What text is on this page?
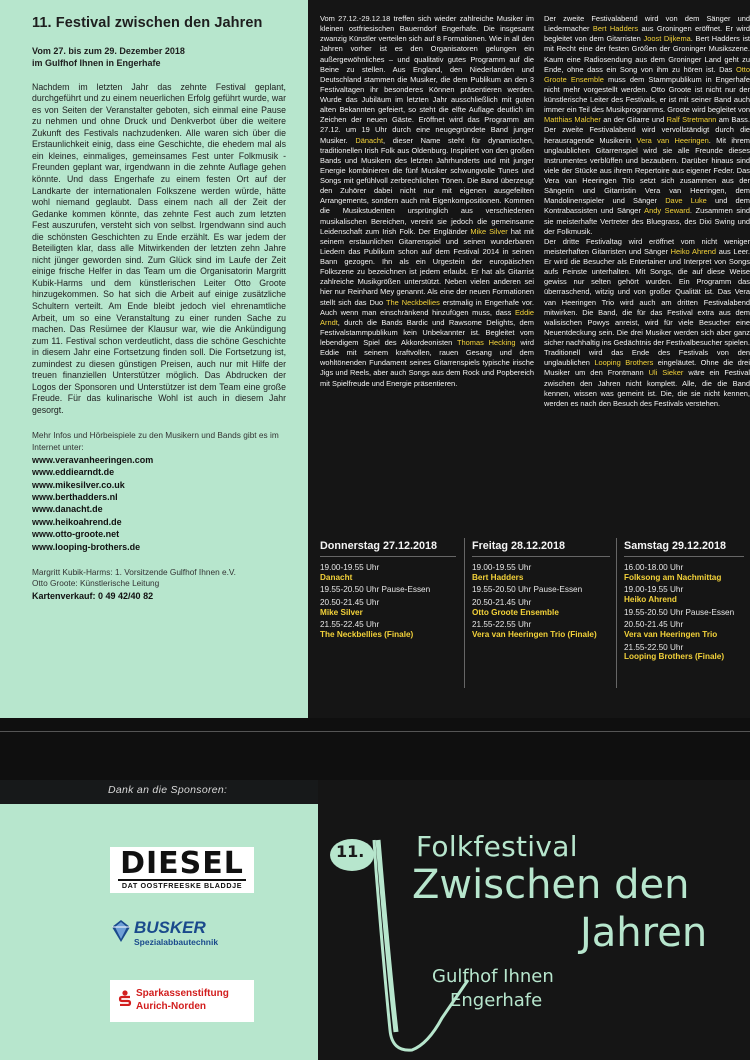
11. Festival zwischen den Jahren
Vom 27. bis zum 29. Dezember 2018
im Gulfhof Ihnen in Engerhafe

Nachdem im letzten Jahr das zehnte Festival geplant, durchgeführt und zu einem neuerlichen Erfolg geführt wurde, war es von Seiten der Veranstalter geboten, sich einmal eine Pause zu nehmen und ohne Druck und Denkverbot über die weitere Zukunft des Festivals nachzudenken. Alle waren sich über die Erstaunlichkeit einig, dass eine Geschichte, die ehedem mal als ein kleines, einmaliges, gemeinsames Fest unter Folkmusik - Freunden geplant war, irgendwann in die zehnte Auflage gehen könnte. Und dass Engerhafe zu einem festen Ort auf der Landkarte der internationalen Folkszene werden würde, hätte wohl niemand geglaubt. Dass einem nach all der Zeit der Gedanke kommen könnte, das zehnte Fest auch zum letzten Fest auszurufen, versteht sich von selbst. Irgendwann sind auch die schönsten Geschichten zu Ende erzählt. Es war jedem der Beteiligten klar, dass alle Mitwirkenden der letzten zehn Jahre nicht jünger geworden sind. Zum Glück sind im Laufe der Zeit einige frische Helfer in das Team um die Organisatorin Margritt Kubik-Harms und dem künstlerischen Leiter Otto Groote hinzugekommen. So hat sich die Arbeit auf einige zusätzliche Schultern verteilt. Am Ende bleibt jedoch viel ehrenamtliche Arbeit, um so eine Veranstaltung zu einer runden Sache zu machen. Das Resümee der Klausur war, wie die Ankündigung zum 11. Festival schon verdeutlicht, dass die schöne Geschichte in diesem Jahr eine Fortsetzung finden soll. Die Fortsetzung ist, zumindest zu diesen günstigen Preisen, auch nur mit Hilfe der treuen finanziellen Unterstützer möglich. Das Abdrucken der Logos der Sponsoren und Unterstützer ist dem Team eine große Freude. Für das kulinarische Wohl ist auch in diesem Jahr gesorgt.

Mehr Infos und Hörbeispiele zu den Musikern und Bands gibt es im Internet unter:
www.veravanheeringen.com
www.eddiearndt.de
www.mikesilver.co.uk
www.berthadders.nl
www.danacht.de
www.heikoahrend.de
www.otto-groote.net
www.looping-brothers.de
Margritt Kubik-Harms: 1. Vorsitzende Gulfhof Ihnen e.V.
Otto Groote: Künstlerische Leitung
Kartenverkauf: 0 49 42/40 82
Vom 27.12.-29.12.18 treffen sich wieder zahlreiche Musiker im kleinen ostfriesischen Bauerndorf Engerhafe. Die insgesamt zwanzig Künstler verteilen sich auf 8 Formationen. Wie in all den Jahren vorher ist es den Organisatoren gelungen ein außergewöhnliches – und qualitativ gutes Programm auf die Beine zu stellen. Aus England, den Niederlanden und Deutschland stammen die Musiker, die dem Publikum an den 3 Festivaltagen ihr besonderes Können präsentieren werden. Wurde das Jubiläum im letzten Jahr ausschließlich mit guten alten Bekannten gefeiert, so steht die elfte Auflage deutlich im Zeichen der neuen Gäste. Eröffnet wird das Programm am 27.12. um 19 Uhr durch eine neugegründete Band junger Musiker. Dänacht, dieser Name steht für dynamischen, traditionellen Irish Folk aus Oldenburg. Inspiriert von den großen Bands und Musikern des letzten Jahrhunderts und mit junger Energie kombinieren die fünf Musiker schwungvolle Tunes und Songs mit gefühlvoll zerbrechlichen Tönen. Die Band überzeugt den Zuhörer dabei nicht nur mit eigenen ausgefeilten Arrangements, sondern auch mit Eigenkompositionen. Kommen die Musikstudenten ursprünglich aus verschiedenen musikalischen Bereichen, vereint sie jedoch die gemeinsame Leidenschaft zum Irish Folk. Der Engländer Mike Silver hat mit seinem erstaunlichen Gitarrenspiel und seinen wunderbaren Liedern das Publikum schon auf dem Festival 2014 in seinen Bann gezogen. Ihn als ein Urgestein der europäischen Folkszene zu bezeichnen ist jedem erlaubt. Er hat als Gitarrist zahlreiche Musikgrößen unterstützt. Neben vielen anderen sei hier nur Reinhard Mey genannt. Als eine der neuen Formationen stellt sich das Duo The Neckbellies erstmalig in Engerhafe vor. Auch wenn man einschränkend hinzufügen muss, dass Eddie Arndt, durch die Bands Bardic und Rawsome Delights, dem Festivalstammpublikum kein Unbekannter ist. Begleitet vom lebendigem Spiel des Akkordeonisten Thomas Hecking wird Eddie mit seinem kraftvollen, rauen Gesang und dem wohltönenden Fundament seines Gitarrenspiels typische irische Jigs und Reels, aber auch Songs aus dem Rock und Popbereich mit Spielfreude und Energie präsentieren.
Der zweite Festivalabend wird von dem Sänger und Liedermacher Bert Hadders aus Groningen eröffnet. Er wird begleitet von dem Gitarristen Joost Dijkema. Bert Hadders ist mit Recht eine der festen Größen der Groninger Musikszene. Kaum eine Radiosendung aus dem Groninger Land geht zu Ende, ohne dass ein Song von ihm zu hören ist. Das Otto Groote Ensemble muss dem Stammpublikum in Engerhafe nicht mehr vorgestellt werden. Otto Groote ist nicht nur der künstlerische Leiter des Festivals, er ist mit seiner Band auch immer ein Teil des Musikprogramms. Groote wird begleitet von Matthias Malcher an der Gitarre und Ralf Stretmann am Bass. Der zweite Festivalabend wird vervollständigt durch die herausragende Musikerin Vera van Heeringen. Mit ihrem unglaublichen Gitarrenspiel wird sie alle Freunde dieses Instrumentes verblüffen und bezaubern. Darüber hinaus sind viele der Stücke aus ihrem Repertoire aus eigener Feder. Das Vera van Heeringen Trio setzt sich zusammen aus der Sängerin und Gitarristin Vera van Heeringen, dem Mandolinenspieler und Sänger Dave Luke und dem Kontrabassisten und Sänger Andy Seward. Zusammen sind sie meisterhafte Vertreter des Bluegrass, des Dixi Swing und der Folkmusik.
Der dritte Festivaltag wird eröffnet vom nicht weniger meisterhaften Gitarristen und Sänger Heiko Ahrend aus Leer. Er wird die Besucher als Entertainer und Interpret von Songs aufs Feinste unterhalten. Mit Songs, die auf diese Weise gewiss nur selten gehört wurden. Ein Programm das überraschend, witzig und von großer Qualität ist. Das Vera van Heeringen Trio wird auch am dritten Festivalabend mitwirken. Die Band, die für das Festival extra aus dem walisischen Powys anreist, wird für viele Besucher eine Neuentdeckung sein. Die drei Musiker werden sich aber ganz sicher nachhaltig ins Gedächtnis der Festivalbesucher spielen. Traditionell wird das Ende des Festivals von den unglaublichen Looping Brothers eingeläutet. Ohne die drei Musiker um den Frontmann Uli Sieker wäre ein Festival zwischen den Jahren nicht komplett. Alle, die die Band kennen, wissen was gemeint ist. Die, die sie nicht kennen, werden es nach den Besuch des Festivals verstehen.
Donnerstag 27.12.2018
19.00-19.55 Uhr
Danacht
19.55-20.50 Uhr Pause-Essen
20.50-21.45 Uhr
Mike Silver
21.55-22.45 Uhr
The Neckbellies (Finale)
Freitag 28.12.2018
19.00-19.55 Uhr
Bert Hadders
19.55-20.50 Uhr Pause-Essen
20.50-21.45 Uhr
Otto Groote Ensemble
21.55-22.55 Uhr
Vera van Heeringen Trio (Finale)
Samstag 29.12.2018
16.00-18.00 Uhr
Folksong am Nachmittag
19.00-19.55 Uhr
Heiko Ahrend
19.55-20.50 Uhr Pause-Essen
20.50-21.45 Uhr
Vera van Heeringen Trio
21.55-22.50 Uhr
Looping Brothers (Finale)
Dank an die Sponsoren:
DIESEL
DAT OOSTFREESKE BLADDJE
BUSKER
Spezialabbautechnik
Sparkassenstiftung
Aurich-Norden
11. Folkfestival
Zwischen den
Jahren
Gulfhof Ihnen
Engerhafe
